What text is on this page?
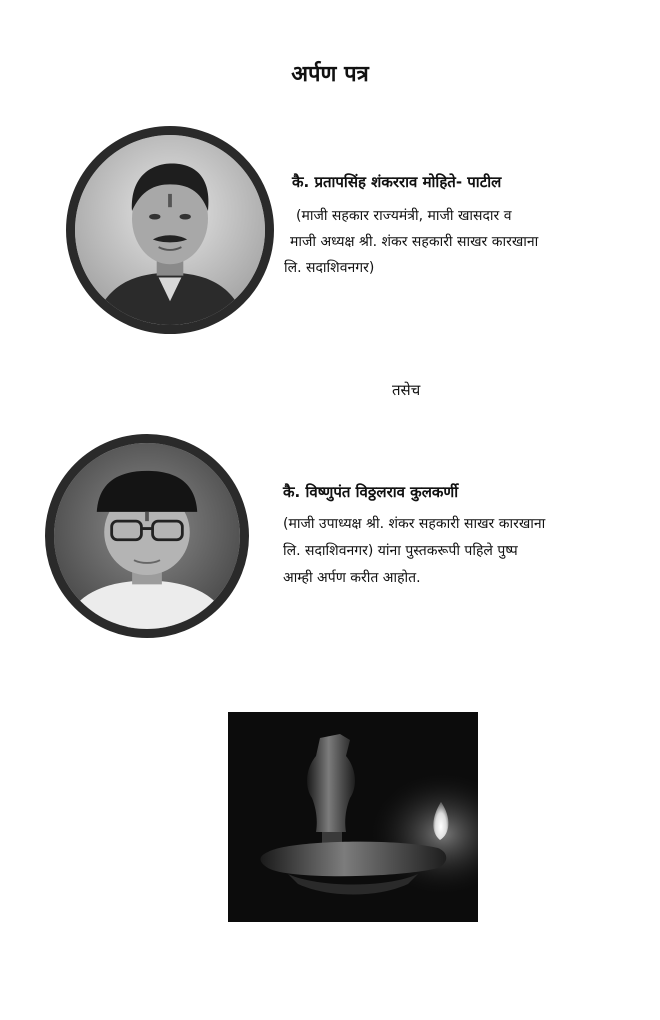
अर्पण पत्र
कै. प्रतापसिंह शंकरराव मोहिते- पाटील
(माजी सहकार राज्यमंत्री, माजी खासदार व
माजी अध्यक्ष श्री. शंकर सहकारी साखर कारखाना
लि. सदाशिवनगर)
तसेच
कै. विष्णुपंत विठ्ठलराव कुलकर्णी
(माजी उपाध्यक्ष श्री. शंकर सहकारी साखर कारखाना
लि. सदाशिवनगर) यांना पुस्तकरूपी पहिले पुष्प
आम्ही अर्पण करीत आहोत.
